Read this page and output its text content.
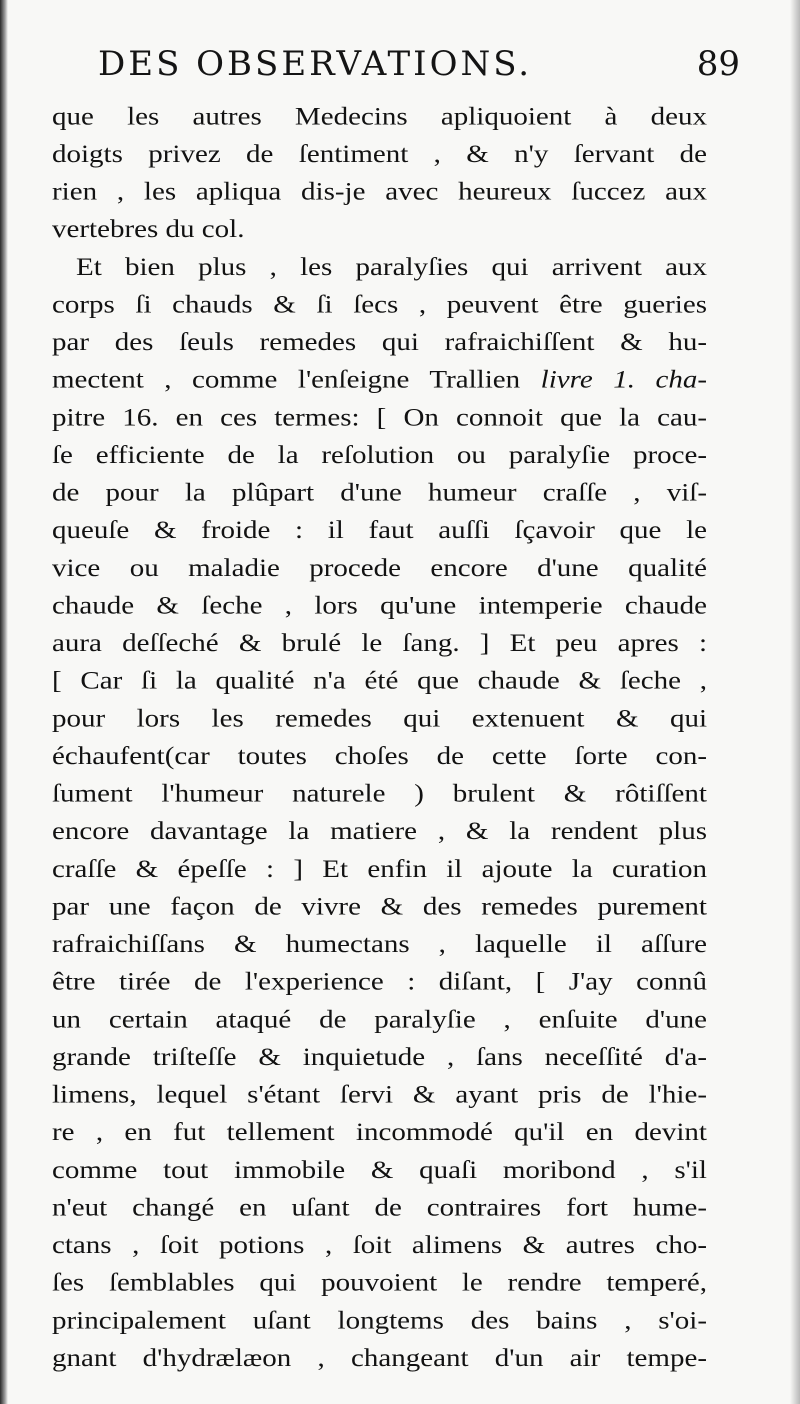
DES OBSERVATIONS.	89
que les autres Medecins apliquoient à deux
doigts privez de ſentiment , & n'y ſervant de
rien , les apliqua dis-je avec heureux ſuccez aux
vertebres du col.
Et bien plus , les paralyſies qui arrivent aux
corps ſi chauds & ſi ſecs , peuvent être gueries
par des ſeuls remedes qui rafraichiſſent & hu-
mectent , comme l'enſeigne Trallien livre 1. cha-
pitre 16. en ces termes: [ On connoit que la cau-
ſe efficiente de la reſolution ou paralyſie proce-
de pour la plûpart d'une humeur craſſe , viſ-
queuſe & froide : il faut auſſi ſçavoir que le
vice ou maladie procede encore d'une qualité
chaude & ſeche , lors qu'une intemperie chaude
aura deſſeché & brulé le ſang. ] Et peu apres :
[ Car ſi la qualité n'a été que chaude & ſeche ,
pour lors les remedes qui extenuent & qui
échaufent(car toutes choſes de cette ſorte con-
ſument l'humeur naturele ) brulent & rôtiſſent
encore davantage la matiere , & la rendent plus
craſſe & épeſſe : ] Et enfin il ajoute la curation
par une façon de vivre & des remedes purement
rafraichiſſans & humectans , laquelle il aſſure
être tirée de l'experience : diſant, [ J'ay connû
un certain ataqué de paralyſie , enſuite d'une
grande triſteſſe & inquietude , ſans neceſſité d'a-
limens, lequel s'étant ſervi & ayant pris de l'hie-
re , en fut tellement incommodé qu'il en devint
comme tout immobile & quaſi moribond , s'il
n'eut changé en uſant de contraires fort hume-
ctans , ſoit potions , ſoit alimens & autres cho-
ſes ſemblables qui pouvoient le rendre temperé,
principalement uſant longtems des bains , s'oi-
gnant d'hydrælæon , changeant d'un air tempe-
